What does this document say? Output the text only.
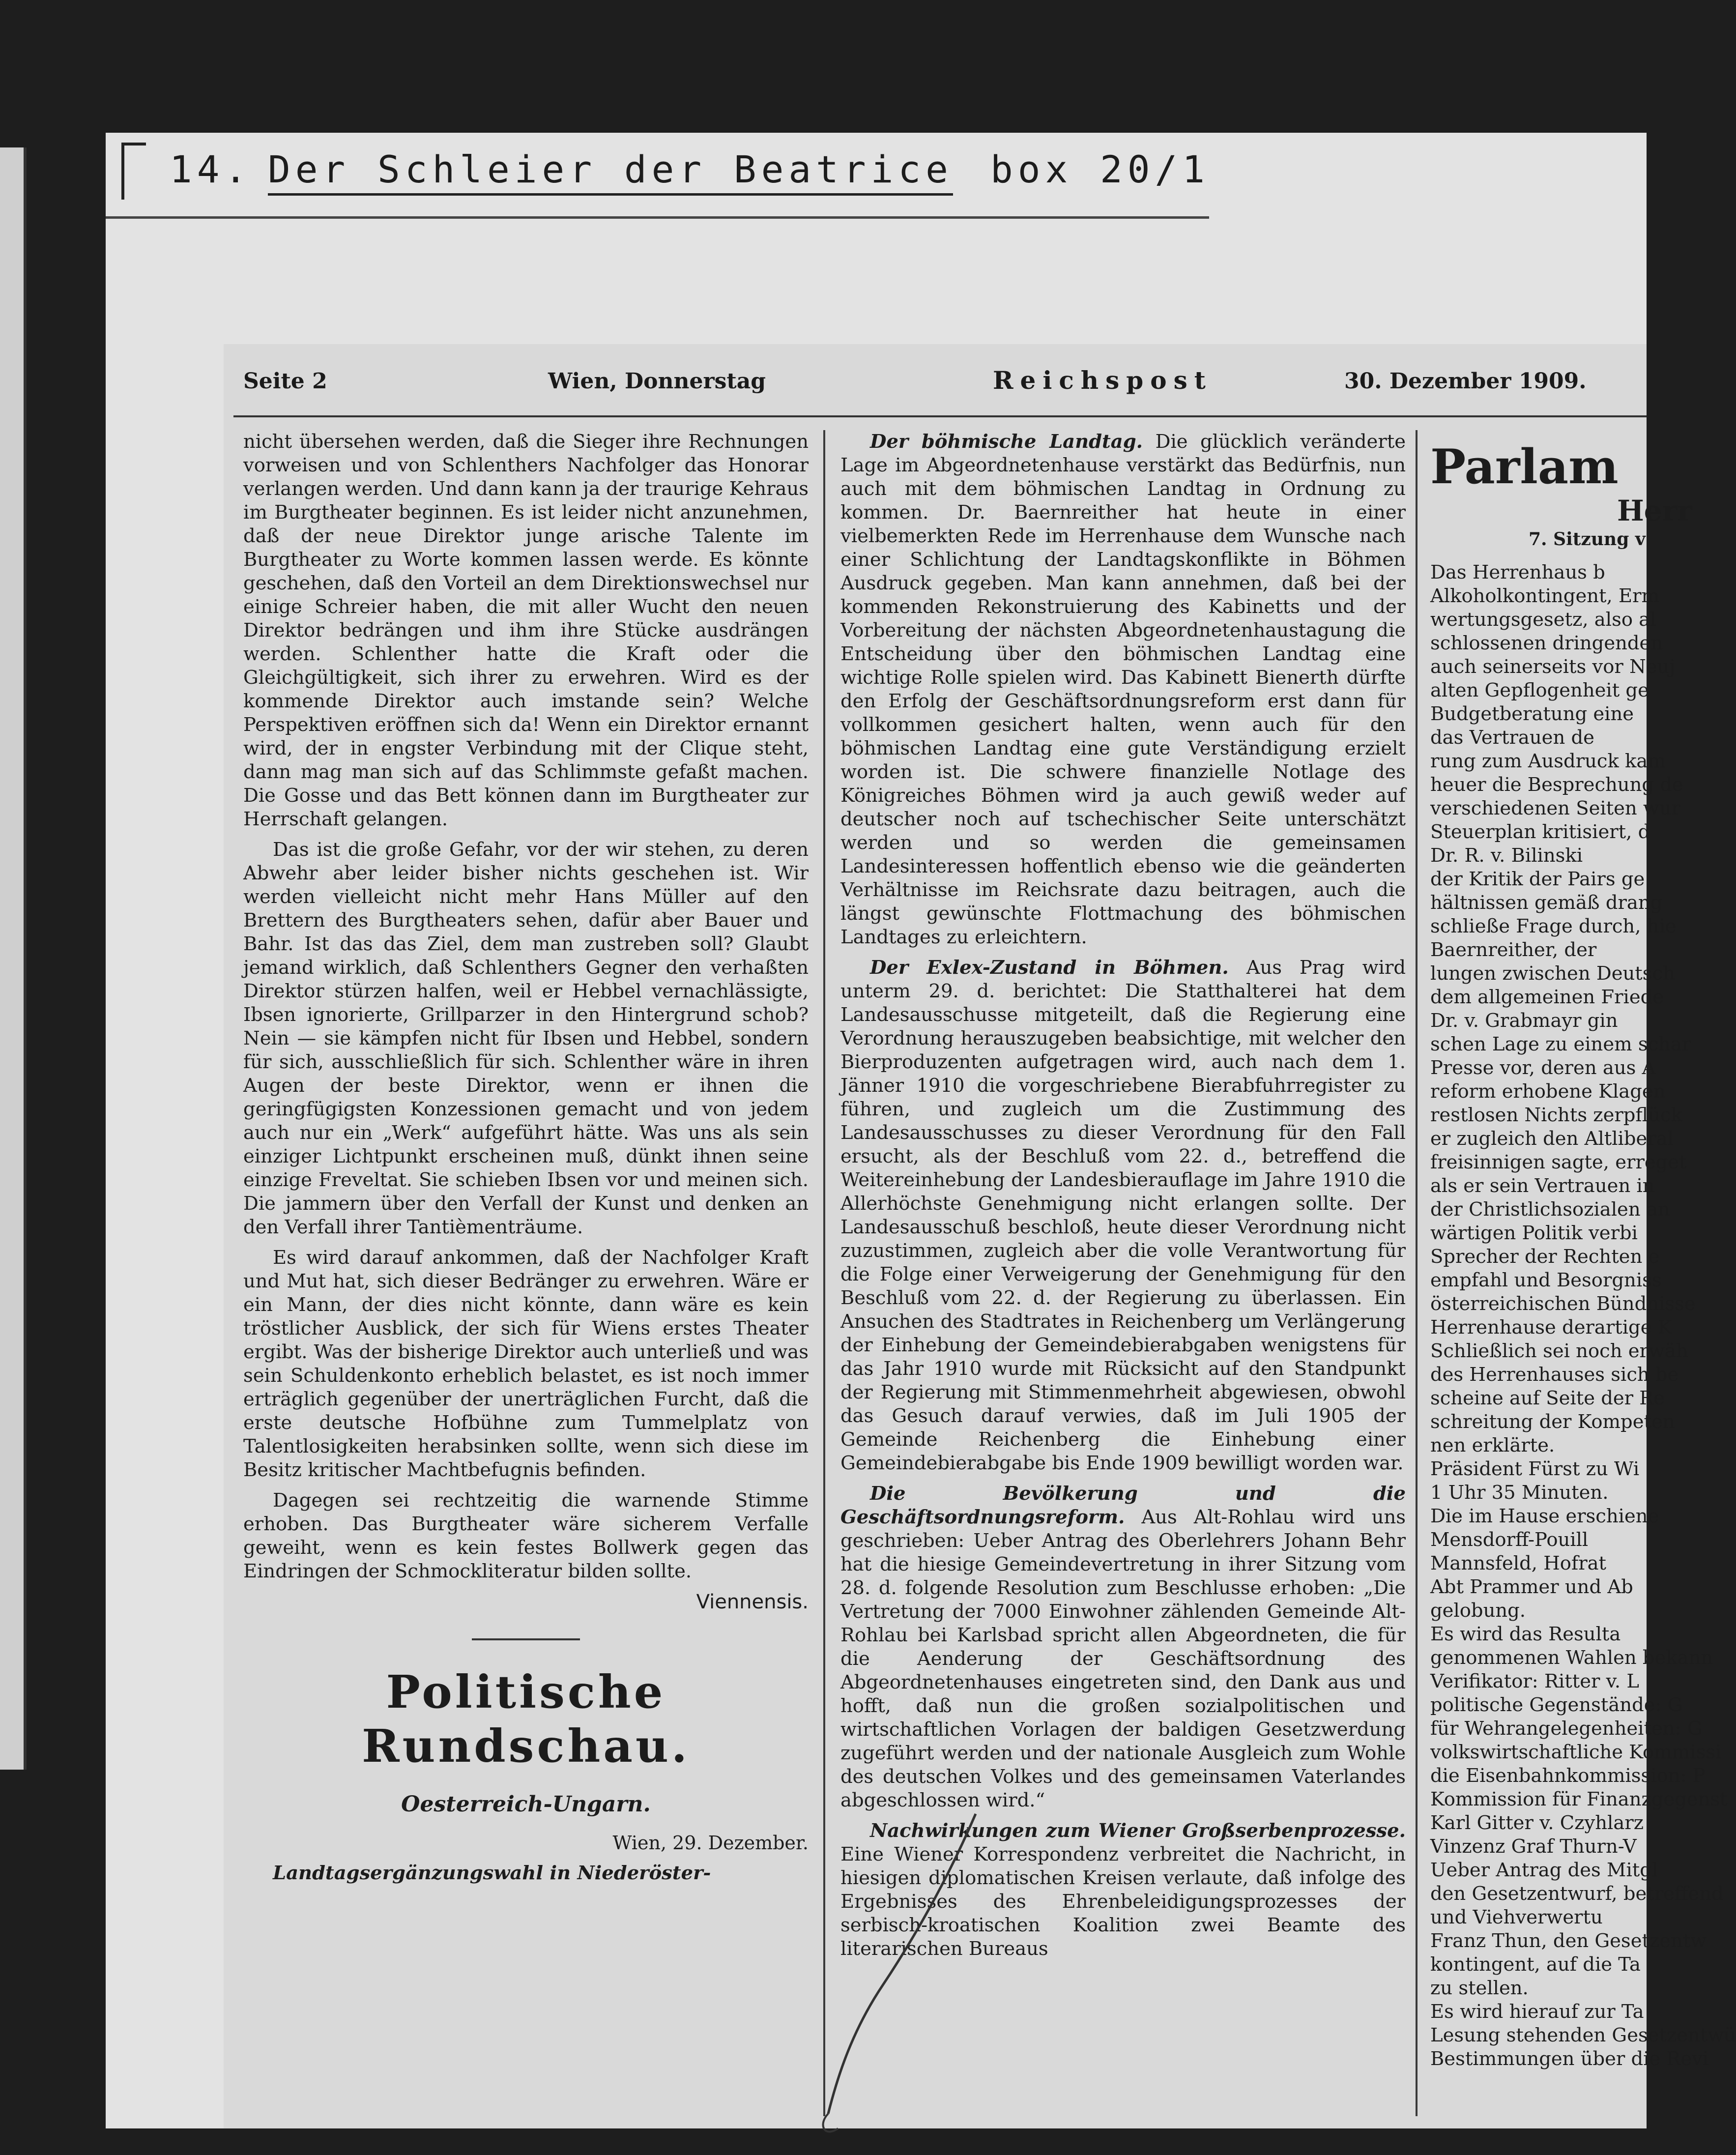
14. Der Schleier der Beatrice box 20/1
Seite 2	Wien, Donnerstag	Reichspost	30. Dezember 1909.

nicht übersehen werden, daß die Sieger ihre Rechnungen vorweisen und von Schlenthers Nachfolger das Honorar verlangen werden. Und dann kann ja der traurige Kehraus im Burgtheater beginnen. Es ist leider nicht anzunehmen, daß der neue Direktor junge arische Talente im Burgtheater zu Worte kommen lassen werde. Es könnte geschehen, daß den Vorteil an dem Direktionswechsel nur einige Schreier haben, die mit aller Wucht den neuen Direktor bedrängen und ihm ihre Stücke ausdrängen werden. Schlenther hatte die Kraft oder die Gleichgültigkeit, sich ihrer zu erwehren. Wird es der kommende Direktor auch imstande sein? Welche Perspektiven eröffnen sich da! Wenn ein Direktor ernannt wird, der in engster Verbindung mit der Clique steht, dann mag man sich auf das Schlimmste gefaßt machen. Die Gosse und das Bett können dann im Burgtheater zur Herrschaft gelangen.

Das ist die große Gefahr, vor der wir stehen, zu deren Abwehr aber leider bisher nichts geschehen ist. Wir werden vielleicht nicht mehr Hans Müller auf den Brettern des Burgtheaters sehen, dafür aber Bauer und Bahr. Ist das das Ziel, dem man zustreben soll? Glaubt jemand wirklich, daß Schlenthers Gegner den verhaßten Direktor stürzen halfen, weil er Hebbel vernachlässigte, Ibsen ignorierte, Grillparzer in den Hintergrund schob? Nein — sie kämpfen nicht für Ibsen und Hebbel, sondern für sich, ausschließlich für sich. Schlenther wäre in ihren Augen der beste Direktor, wenn er ihnen die geringfügigsten Konzessionen gemacht und von jedem auch nur ein „Werk“ aufgeführt hätte. Was uns als sein einziger Lichtpunkt erscheinen muß, dünkt ihnen seine einzige Freveltat. Sie schieben Ibsen vor und meinen sich. Die jammern über den Verfall der Kunst und denken an den Verfall ihrer Tantièmenträume.

Es wird darauf ankommen, daß der Nachfolger Kraft und Mut hat, sich dieser Bedränger zu erwehren. Wäre er ein Mann, der dies nicht könnte, dann wäre es kein tröstlicher Ausblick, der sich für Wiens erstes Theater ergibt. Was der bisherige Direktor auch unterließ und was sein Schuldenkonto erheblich belastet, es ist noch immer erträglich gegenüber der unerträglichen Furcht, daß die erste deutsche Hofbühne zum Tummelplatz von Talentlosigkeiten herabsinken sollte, wenn sich diese im Besitz kritischer Machtbefugnis befinden.

Dagegen sei rechtzeitig die warnende Stimme erhoben. Das Burgtheater wäre sicherem Verfalle geweiht, wenn es kein festes Bollwerk gegen das Eindringen der Schmockliteratur bilden sollte.

Viennensis.

Politische Rundschau.
Oesterreich-Ungarn.

Wien, 29. Dezember.

Landtagsergänzungswahl in Niederöster-

Der böhmische Landtag. Die glücklich veränderte Lage im Abgeordnetenhause verstärkt das Bedürfnis, nun auch mit dem böhmischen Landtag in Ordnung zu kommen. Dr. Baernreither hat heute in einer vielbemerkten Rede im Herrenhause dem Wunsche nach einer Schlichtung der Landtagskonflikte in Böhmen Ausdruck gegeben. Man kann annehmen, daß bei der kommenden Rekonstruierung des Kabinetts und der Vorbereitung der nächsten Abgeordnetenhaustagung die Entscheidung über den böhmischen Landtag eine wichtige Rolle spielen wird. Das Kabinett Bienerth dürfte den Erfolg der Geschäftsordnungsreform erst dann für vollkommen gesichert halten, wenn auch für den böhmischen Landtag eine gute Verständigung erzielt worden ist. Die schwere finanzielle Notlage des Königreiches Böhmen wird ja auch gewiß weder auf deutscher noch auf tschechischer Seite unterschätzt werden und so werden die gemeinsamen Landesinteressen hoffentlich ebenso wie die geänderten Verhältnisse im Reichsrate dazu beitragen, auch die längst gewünschte Flottmachung des böhmischen Landtages zu erleichtern.

Der Exlex-Zustand in Böhmen. Aus Prag wird unterm 29. d. berichtet: Die Statthalterei hat dem Landesausschusse mitgeteilt, daß die Regierung eine Verordnung herauszugeben beabsichtige, mit welcher den Bierproduzenten aufgetragen wird, auch nach dem 1. Jänner 1910 die vorgeschriebene Bierabfuhrregister zu führen, und zugleich um die Zustimmung des Landesausschusses zu dieser Verordnung für den Fall ersucht, als der Beschluß vom 22. d., betreffend die Weitereinhebung der Landesbierauflage im Jahre 1910 die Allerhöchste Genehmigung nicht erlangen sollte. Der Landesausschuß beschloß, heute dieser Verordnung nicht zuzustimmen, zugleich aber die volle Verantwortung für die Folge einer Verweigerung der Genehmigung für den Beschluß vom 22. d. der Regierung zu überlassen. Ein Ansuchen des Stadtrates in Reichenberg um Verlängerung der Einhebung der Gemeindebierabgaben wenigstens für das Jahr 1910 wurde mit Rücksicht auf den Standpunkt der Regierung mit Stimmenmehrheit abgewiesen, obwohl das Gesuch darauf verwies, daß im Juli 1905 der Gemeinde Reichenberg die Einhebung einer Gemeindebierabgabe bis Ende 1909 bewilligt worden war.

Die Bevölkerung und die Geschäftsordnungsreform. Aus Alt-Rohlau wird uns geschrieben: Ueber Antrag des Oberlehrers Johann Behr hat die hiesige Gemeindevertretung in ihrer Sitzung vom 28. d. folgende Resolution zum Beschlusse erhoben: „Die Vertretung der 7000 Einwohner zählenden Gemeinde Alt-Rohlau bei Karlsbad spricht allen Abgeordneten, die für die Aenderung der Geschäftsordnung des Abgeordnetenhauses eingetreten sind, den Dank aus und hofft, daß nun die großen sozialpolitischen und wirtschaftlichen Vorlagen der baldigen Gesetzwerdung zugeführt werden und der nationale Ausgleich zum Wohle des deutschen Volkes und des gemeinsamen Vaterlandes abgeschlossen wird.“

Nachwirkungen zum Wiener Großserbenprozesse. Eine Wiener Korrespondenz verbreitet die Nachricht, in hiesigen diplomatischen Kreisen verlaute, daß infolge des Ergebnisses des Ehrenbeleidigungsprozesses der serbisch-kroatischen Koalition zwei Beamte des literarischen Bureaus

Parlam
Herr
7. Sitzung v
Das Herrenhaus b
Alkoholkontingent, Erm
wertungsgesetz, also al
schlossenen dringenden
auch seinerseits vor Neuj
alten Gepflogenheit ge
Budgetberatung eine
das Vertrauen de
rung zum Ausdruck kam
heuer die Besprechung de
verschiedenen Seiten wur
Steuerplan kritisiert, d
Dr. R. v. Bilinski
der Kritik der Pairs ge
hältnissen gemäß drang
schließe Frage durch, hie
Baernreither, der
lungen zwischen Deutsch
dem allgemeinen Friede
Dr. v. Grabmayr gin
schen Lage zu einem schar
Presse vor, deren aus A
reform erhobene Klagen
restlosen Nichts zerpflück
er zugleich den Altliberal
freisinnigen sagte, erreget
als er sein Vertrauen in
der Christlichsozialen an
wärtigen Politik verbi
Sprecher der Rechten e
empfahl und Besorgniss
österreichischen Bündnisse
Herrenhause derartige K
Schließlich sei noch erwäh
des Herrenhauses sich be
scheine auf Seite der Re
schreitung der Kompeten
nen erklärte.
Präsident Fürst zu Wi
1 Uhr 35 Minuten.
Die im Hause erschiene
Mensdorff-Pouill
Mannsfeld, Hofrat
Abt Prammer und Ab
gelobung.
Es wird das Resulta
genommenen Wahlen bekann
Verifikator: Ritter v. L
politische Gegenstände: G
für Wehrangelegenheiten: G
volkswirtschaftliche Kommissi
die Eisenbahnkommission: P
Kommission für Finanzgegenst
Karl Gitter v. Czyhlarz
Vinzenz Graf Thurn-V
Ueber Antrag des Mitgl
den Gesetzentwurf, betreffend
und Viehverwertu
Franz Thun, den Gesetzentw
kontingent, auf die Ta
zu stellen.
Es wird hierauf zur Ta
Lesung stehenden Gesetzentwü
Bestimmungen über die Revi
